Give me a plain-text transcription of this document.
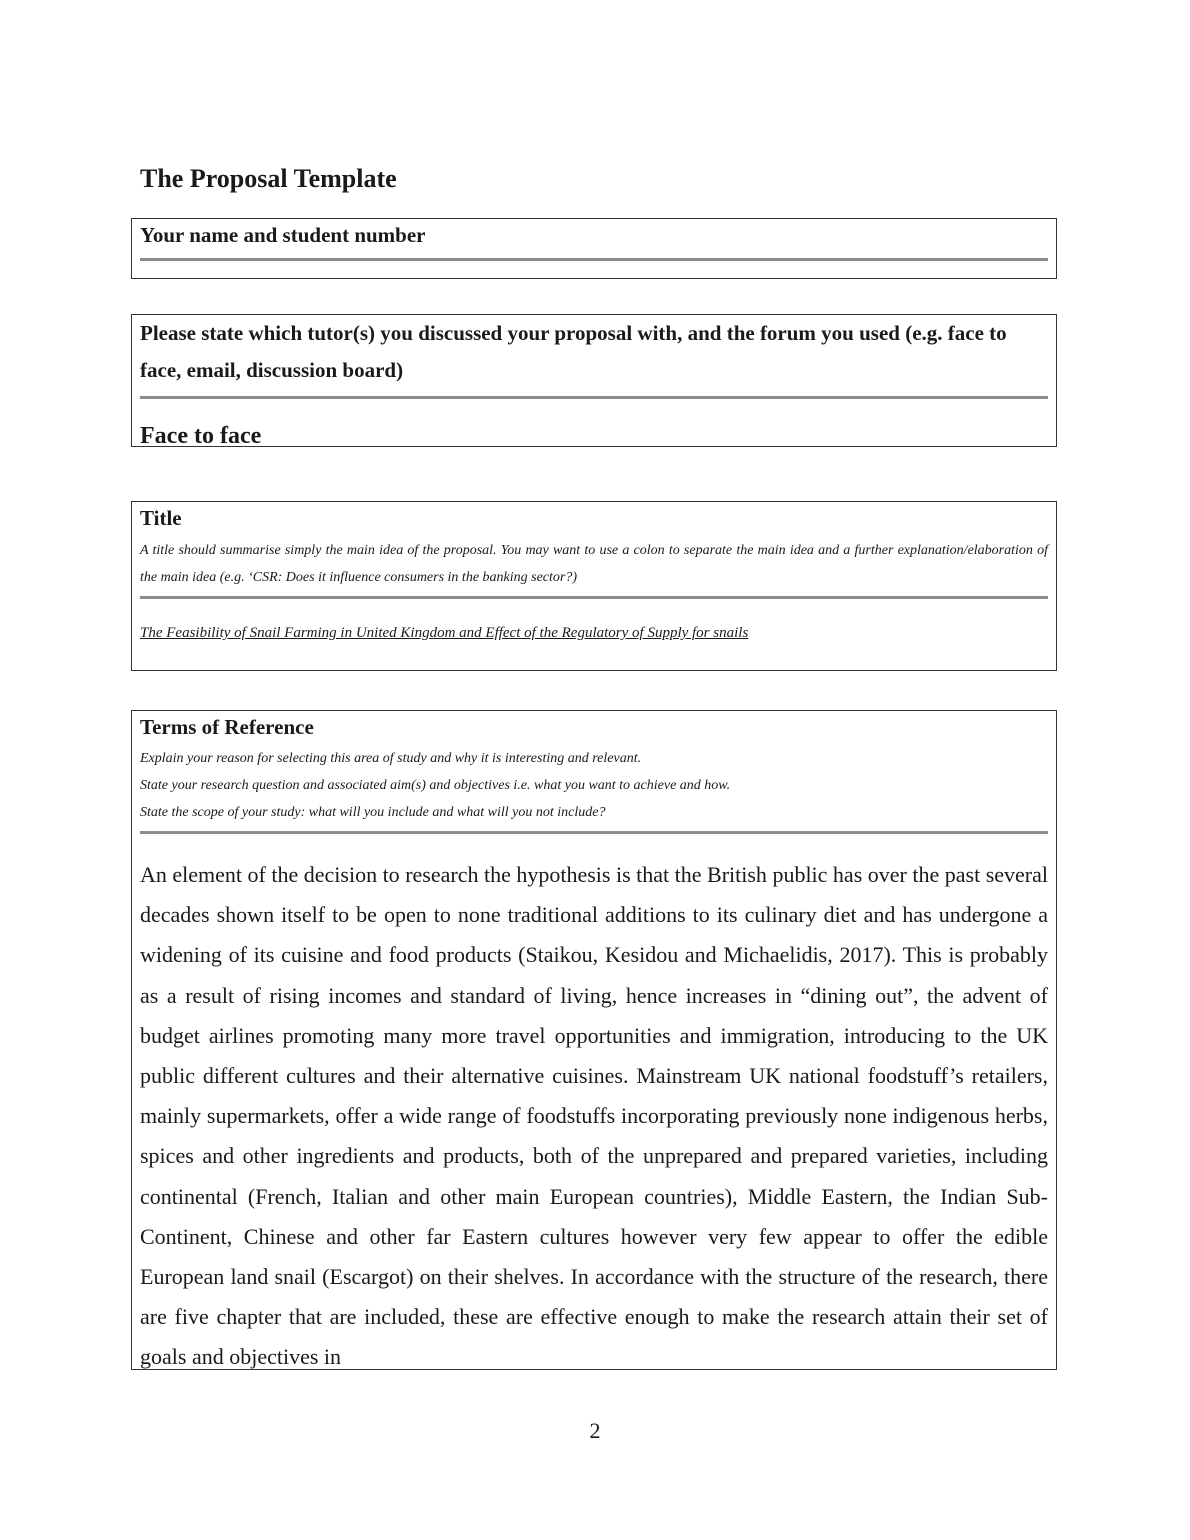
The Proposal Template
Your name and student number
Please state which tutor(s) you discussed your proposal with, and the forum you used (e.g. face to face, email, discussion board)
Face to face
Title
A title should summarise simply the main idea of the proposal. You may want to use a colon to separate the main idea and a further explanation/elaboration of the main idea (e.g. ‘CSR: Does it influence consumers in the banking sector?)
The Feasibility of Snail Farming in United Kingdom and Effect of the Regulatory of Supply for snails
Terms of Reference
Explain your reason for selecting this area of study and why it is interesting and relevant.
State your research question and associated aim(s) and objectives i.e. what you want to achieve and how.
State the scope of your study: what will you include and what will you not include?

An element of the decision to research the hypothesis is that the British public has over the past several decades shown itself to be open to none traditional additions to its culinary diet and has undergone a widening of its cuisine and food products (Staikou, Kesidou and Michaelidis, 2017). This is probably as a result of rising incomes and standard of living, hence increases in “dining out”, the advent of budget airlines promoting many more travel opportunities and immigration, introducing to the UK public different cultures and their alternative cuisines. Mainstream UK national foodstuff’s retailers, mainly supermarkets, offer a wide range of foodstuffs incorporating previously none indigenous herbs, spices and other ingredients and products, both of the unprepared and prepared varieties, including continental (French, Italian and other main European countries), Middle Eastern, the Indian Sub-Continent, Chinese and other far Eastern cultures however very few appear to offer the edible European land snail (Escargot) on their shelves. In accordance with the structure of the research, there are five chapter that are included, these are effective enough to make the research attain their set of goals and objectives in

2
